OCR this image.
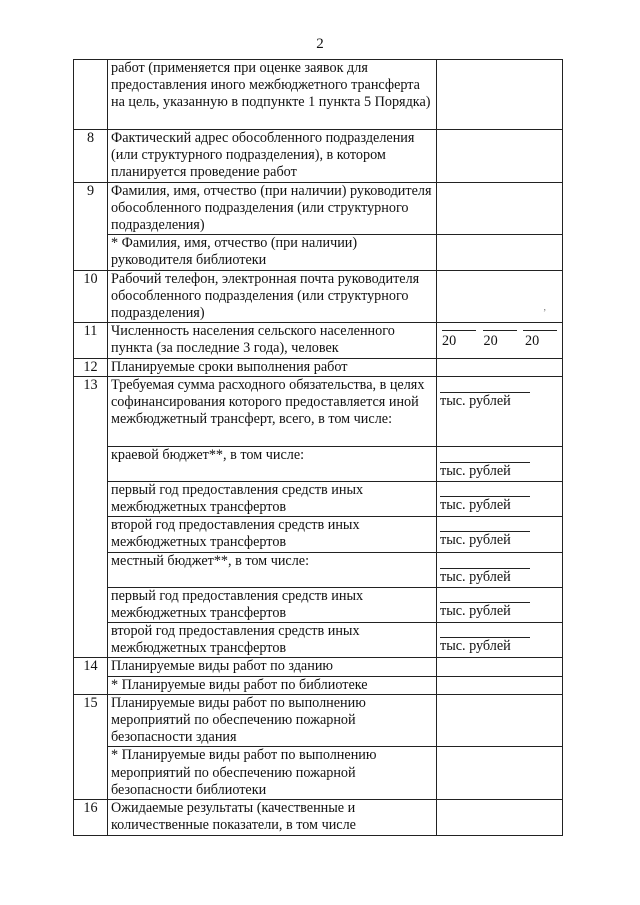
2
	работ (применяется при оценке заявок для предоставления иного межбюджетного трансферта на цель, указанную в подпункте 1 пункта 5 Порядка)	
8	Фактический адрес обособленного подразделения (или структурного подразделения), в котором планируется проведение работ	
9	Фамилия, имя, отчество (при наличии) руководителя обособленного подразделения (или структурного подразделения)	
	* Фамилия, имя, отчество (при наличии) руководителя библиотеки	
10	Рабочий телефон, электронная почта руководителя обособленного подразделения (или структурного подразделения)	,

11	Численность населения сельского населенного пункта (за последние 3 года), человек	20 20 20

12	Планируемые сроки выполнения работ	
13	Требуемая сумма расходного обязательства, в целях софинансирования которого предоставляется иной межбюджетный трансферт, всего, в том числе:	тыс. рублей

	краевой бюджет**, в том числе:	тыс. рублей

	первый год предоставления средств иных межбюджетных трансфертов	тыс. рублей

	второй год предоставления средств иных межбюджетных трансфертов	тыс. рублей

	местный бюджет**, в том числе:	тыс. рублей

	первый год предоставления средств иных межбюджетных трансфертов	тыс. рублей

	второй год предоставления средств иных межбюджетных трансфертов	тыс. рублей

14	Планируемые виды работ по зданию	
	* Планируемые виды работ по библиотеке	
15	Планируемые виды работ по выполнению мероприятий по обеспечению пожарной безопасности здания	
	* Планируемые виды работ по выполнению мероприятий по обеспечению пожарной безопасности библиотеки	
16	Ожидаемые результаты (качественные и количественные показатели, в том числе	
